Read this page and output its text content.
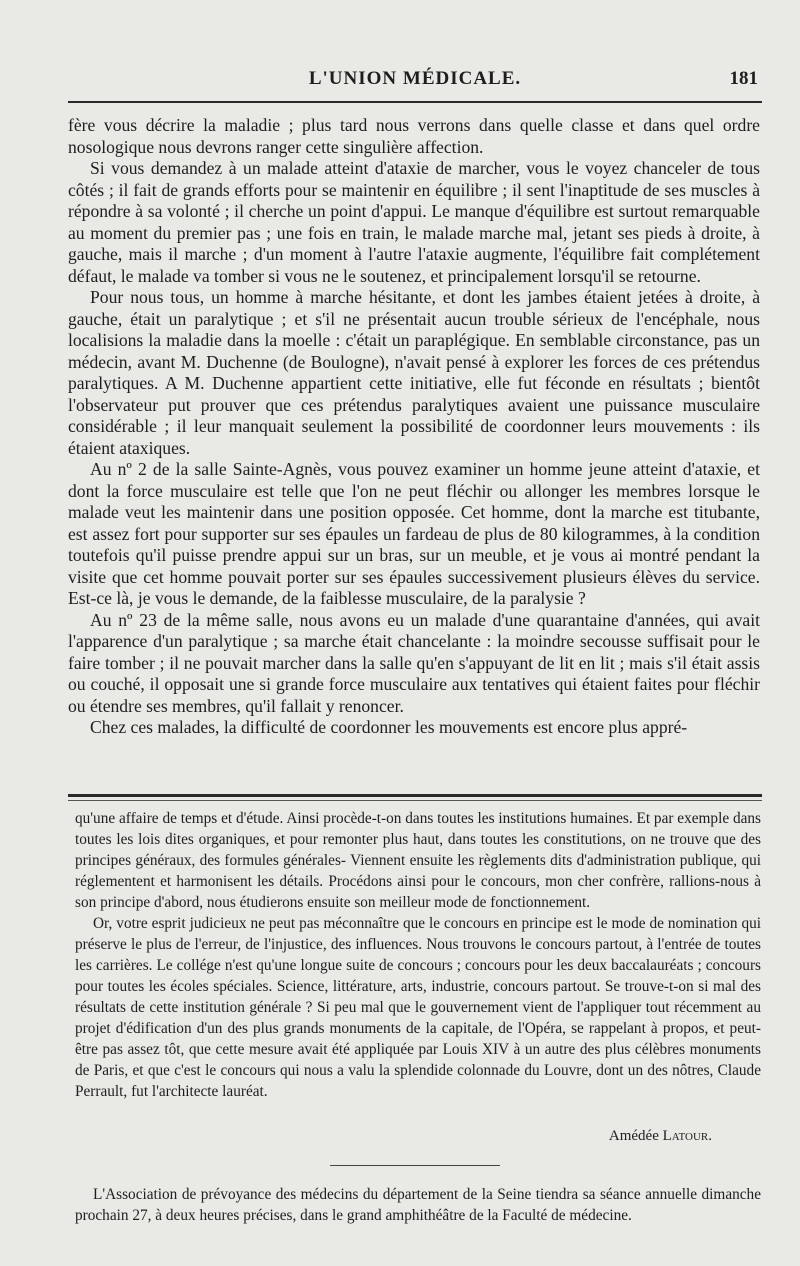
L'UNION MÉDICALE.	181

fère vous décrire la maladie ; plus tard nous verrons dans quelle classe et dans quel ordre nosologique nous devrons ranger cette singulière affection.

Si vous demandez à un malade atteint d'ataxie de marcher, vous le voyez chanceler de tous côtés ; il fait de grands efforts pour se maintenir en équilibre ; il sent l'inaptitude de ses muscles à répondre à sa volonté ; il cherche un point d'appui. Le manque d'équilibre est surtout remarquable au moment du premier pas ; une fois en train, le malade marche mal, jetant ses pieds à droite, à gauche, mais il marche ; d'un moment à l'autre l'ataxie augmente, l'équilibre fait complétement défaut, le malade va tomber si vous ne le soutenez, et principalement lorsqu'il se retourne.

Pour nous tous, un homme à marche hésitante, et dont les jambes étaient jetées à droite, à gauche, était un paralytique ; et s'il ne présentait aucun trouble sérieux de l'encéphale, nous localisions la maladie dans la moelle : c'était un paraplégique. En semblable circonstance, pas un médecin, avant M. Duchenne (de Boulogne), n'avait pensé à explorer les forces de ces prétendus paralytiques. A M. Duchenne appartient cette initiative, elle fut féconde en résultats ; bientôt l'observateur put prouver que ces prétendus paralytiques avaient une puissance musculaire considérable ; il leur manquait seulement la possibilité de coordonner leurs mouvements : ils étaient ataxiques.

Au nº 2 de la salle Sainte-Agnès, vous pouvez examiner un homme jeune atteint d'ataxie, et dont la force musculaire est telle que l'on ne peut fléchir ou allonger les membres lorsque le malade veut les maintenir dans une position opposée. Cet homme, dont la marche est titubante, est assez fort pour supporter sur ses épaules un fardeau de plus de 80 kilogrammes, à la condition toutefois qu'il puisse prendre appui sur un bras, sur un meuble, et je vous ai montré pendant la visite que cet homme pouvait porter sur ses épaules successivement plusieurs élèves du service. Est-ce là, je vous le demande, de la faiblesse musculaire, de la paralysie ?

Au nº 23 de la même salle, nous avons eu un malade d'une quarantaine d'années, qui avait l'apparence d'un paralytique ; sa marche était chancelante : la moindre secousse suffisait pour le faire tomber ; il ne pouvait marcher dans la salle qu'en s'appuyant de lit en lit ; mais s'il était assis ou couché, il opposait une si grande force musculaire aux tentatives qui étaient faites pour fléchir ou étendre ses membres, qu'il fallait y renoncer.

Chez ces malades, la difficulté de coordonner les mouvements est encore plus appré-

qu'une affaire de temps et d'étude. Ainsi procède-t-on dans toutes les institutions humaines. Et par exemple dans toutes les lois dites organiques, et pour remonter plus haut, dans toutes les constitutions, on ne trouve que des principes généraux, des formules générales- Viennent ensuite les règlements dits d'administration publique, qui réglementent et harmonisent les détails. Procédons ainsi pour le concours, mon cher confrère, rallions-nous à son principe d'abord, nous étudierons ensuite son meilleur mode de fonctionnement.

Or, votre esprit judicieux ne peut pas méconnaître que le concours en principe est le mode de nomination qui préserve le plus de l'erreur, de l'injustice, des influences. Nous trouvons le concours partout, à l'entrée de toutes les carrières. Le collége n'est qu'une longue suite de concours ; concours pour les deux baccalauréats ; concours pour toutes les écoles spéciales. Science, littérature, arts, industrie, concours partout. Se trouve-t-on si mal des résultats de cette institution générale ? Si peu mal que le gouvernement vient de l'appliquer tout récemment au projet d'édification d'un des plus grands monuments de la capitale, de l'Opéra, se rappelant à propos, et peut-être pas assez tôt, que cette mesure avait été appliquée par Louis XIV à un autre des plus célèbres monuments de Paris, et que c'est le concours qui nous a valu la splendide colonnade du Louvre, dont un des nôtres, Claude Perrault, fut l'architecte lauréat.

Amédée Latour.

L'Association de prévoyance des médecins du département de la Seine tiendra sa séance annuelle dimanche prochain 27, à deux heures précises, dans le grand amphithéâtre de la Faculté de médecine.
